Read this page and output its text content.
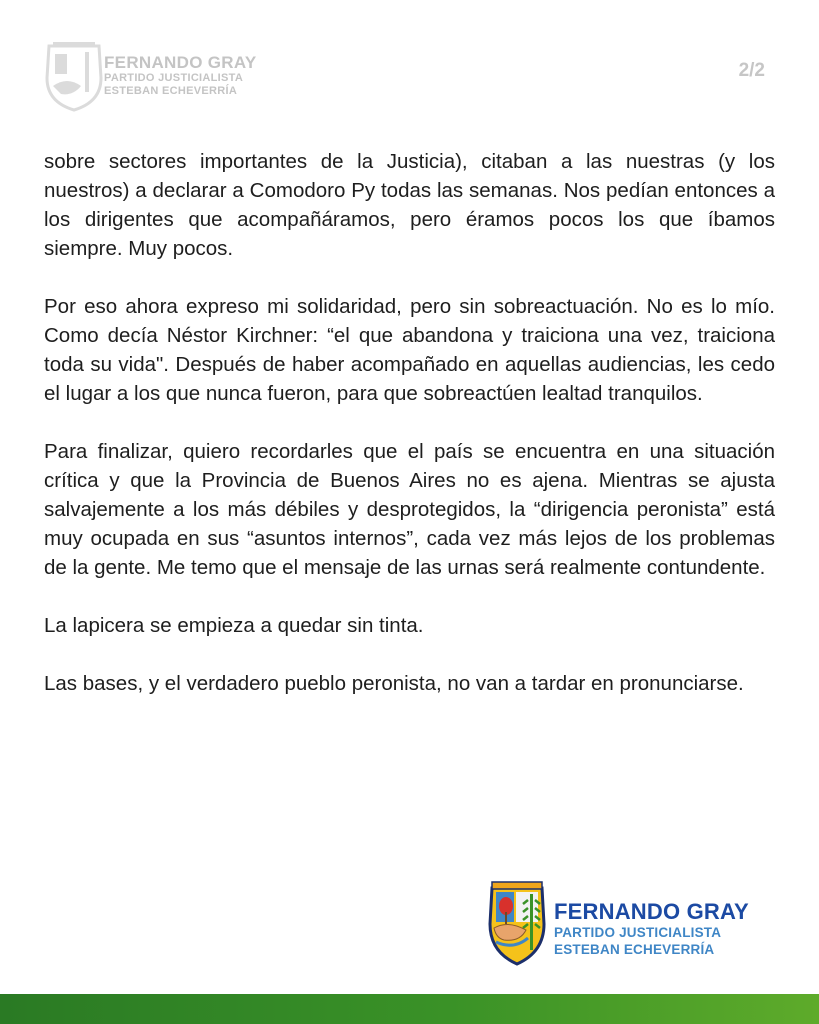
FERNANDO GRAY
PARTIDO JUSTICIALISTA
ESTEBAN ECHEVERRÍA
2/2

sobre sectores importantes de la Justicia), citaban a las nuestras (y los nuestros) a declarar a Comodoro Py todas las semanas. Nos pedían entonces a los dirigentes que acompañáramos, pero éramos pocos los que íbamos siempre. Muy pocos.

Por eso ahora expreso mi solidaridad, pero sin sobreactuación. No es lo mío. Como decía Néstor Kirchner: “el que abandona y traiciona una vez, traiciona toda su vida". Después de haber acompañado en aquellas audiencias, les cedo el lugar a los que nunca fueron, para que sobreactúen lealtad tranquilos.

Para finalizar, quiero recordarles que el país se encuentra en una situación crítica y que la Provincia de Buenos Aires no es ajena. Mientras se ajusta salvajemente a los más débiles y desprotegidos, la “dirigencia peronista” está muy ocupada en sus “asuntos internos”, cada vez más lejos de los problemas de la gente. Me temo que el mensaje de las urnas será realmente contundente.

La lapicera se empieza a quedar sin tinta.

Las bases, y el verdadero pueblo peronista, no van a tardar en pronunciarse.

FERNANDO GRAY
PARTIDO JUSTICIALISTA
ESTEBAN ECHEVERRÍA
